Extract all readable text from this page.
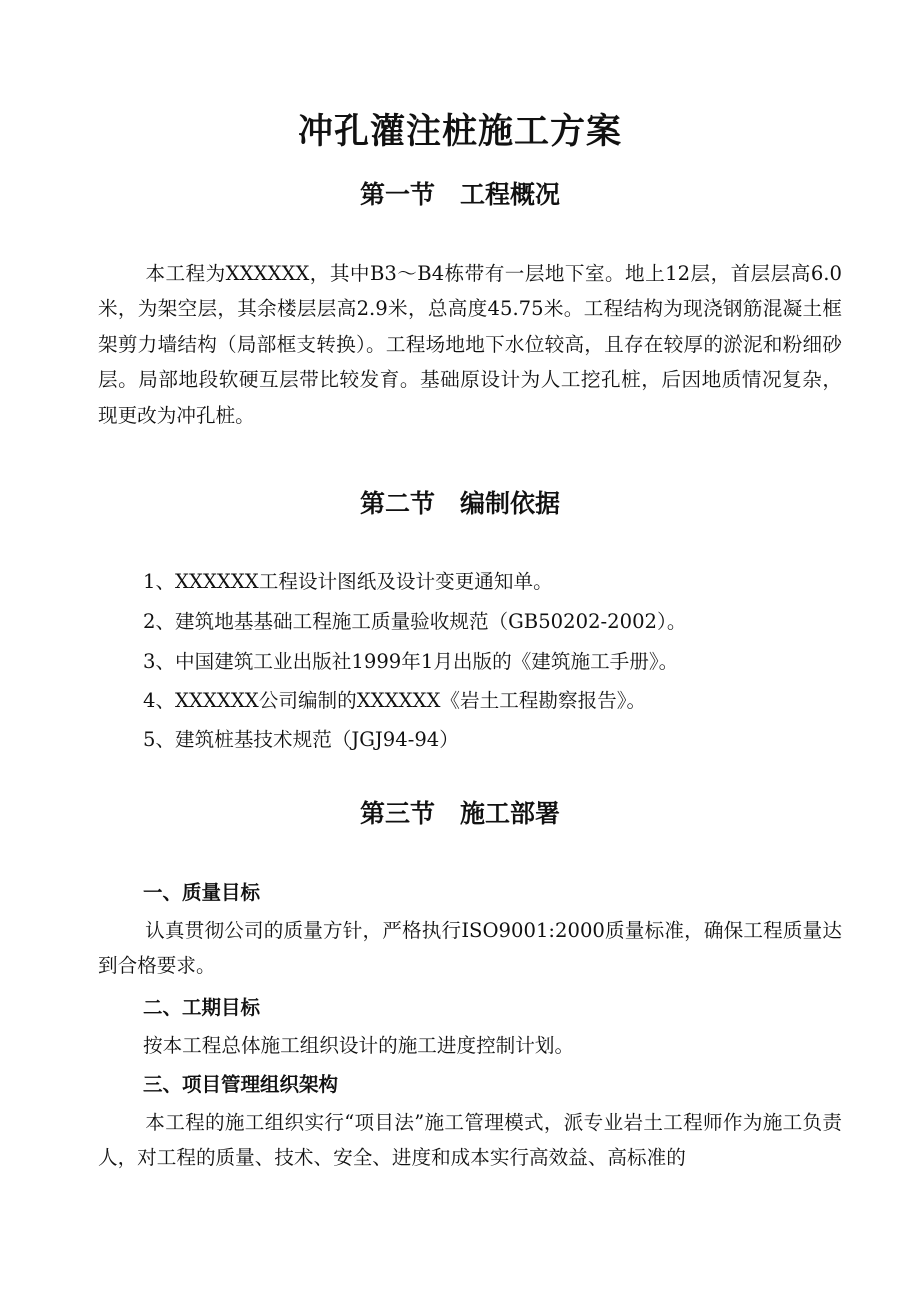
冲孔灌注桩施工方案
第一节　工程概况

本工程为XXXXXX，其中B3～B4栋带有一层地下室。地上12层，首层层高6.0米，为架空层，其余楼层层高2.9米，总高度45.75米。工程结构为现浇钢筋混凝土框架剪力墙结构（局部框支转换）。工程场地地下水位较高，且存在较厚的淤泥和粉细砂层。局部地段软硬互层带比较发育。基础原设计为人工挖孔桩，后因地质情况复杂，现更改为冲孔桩。

第二节　编制依据

1、XXXXXX工程设计图纸及设计变更通知单。

2、建筑地基基础工程施工质量验收规范（GB50202-2002）。

3、中国建筑工业出版社1999年1月出版的《建筑施工手册》。

4、XXXXXX公司编制的XXXXXX《岩土工程勘察报告》。

5、建筑桩基技术规范（JGJ94-94）

第三节　施工部署
一、质量目标

认真贯彻公司的质量方针，严格执行ISO9001:2000质量标准，确保工程质量达到合格要求。

二、工期目标

按本工程总体施工组织设计的施工进度控制计划。

三、项目管理组织架构

本工程的施工组织实行“项目法”施工管理模式，派专业岩土工程师作为施工负责人，对工程的质量、技术、安全、进度和成本实行高效益、高标准的
